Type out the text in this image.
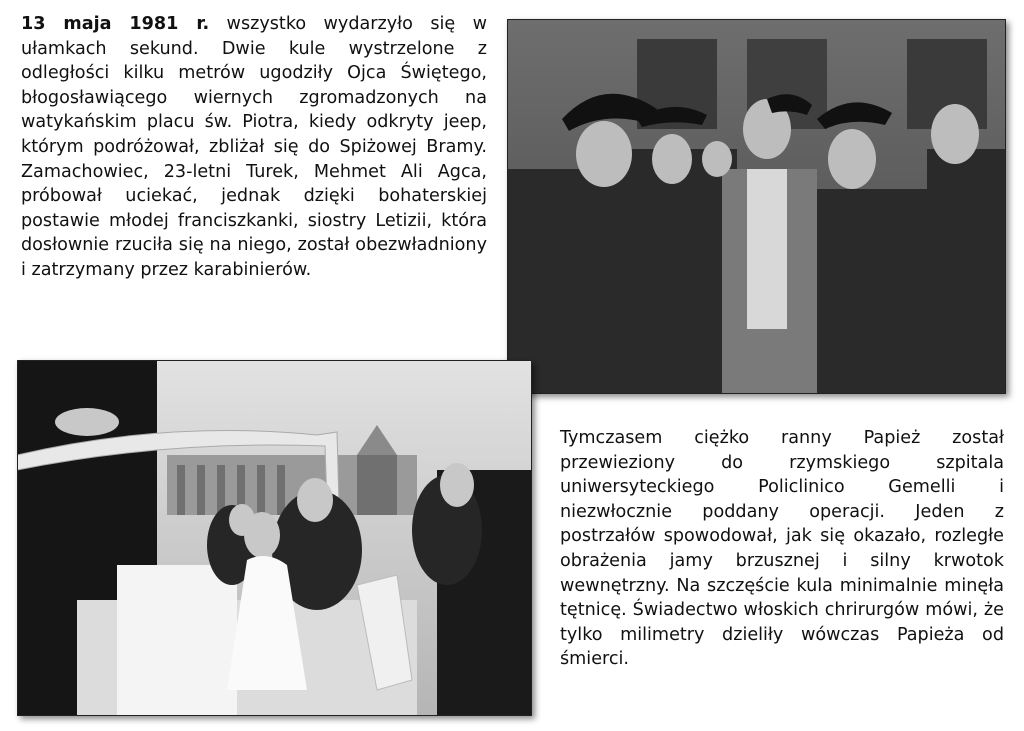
13 maja 1981 r. wszystko wydarzyło się w ułamkach sekund. Dwie kule wystrzelone z odległości kilku metrów ugodziły Ojca Świętego, błogosławiącego wiernych zgromadzonych na watykańskim placu św. Piotra, kiedy odkryty jeep, którym podróżował, zbliżał się do Spiżowej Bramy. Zamachowiec, 23-letni Turek, Mehmet Ali Agca, próbował uciekać, jednak dzięki bohaterskiej postawie młodej franciszkanki, siostry Letizii, która dosłownie rzuciła się na niego, został obezwładniony i zatrzymany przez karabinierów.

Tymczasem ciężko ranny Papież został przewieziony do rzymskiego szpitala uniwersyteckiego Policlinico Gemelli i niezwłocznie poddany operacji. Jeden z postrzałów spowodował, jak się okazało, rozległe obrażenia jamy brzusznej i silny krwotok wewnętrzny. Na szczęście kula minimalnie minęła tętnicę. Świadectwo włoskich chrirurgów mówi, że tylko milimetry dzieliły wówczas Papieża od śmierci.
